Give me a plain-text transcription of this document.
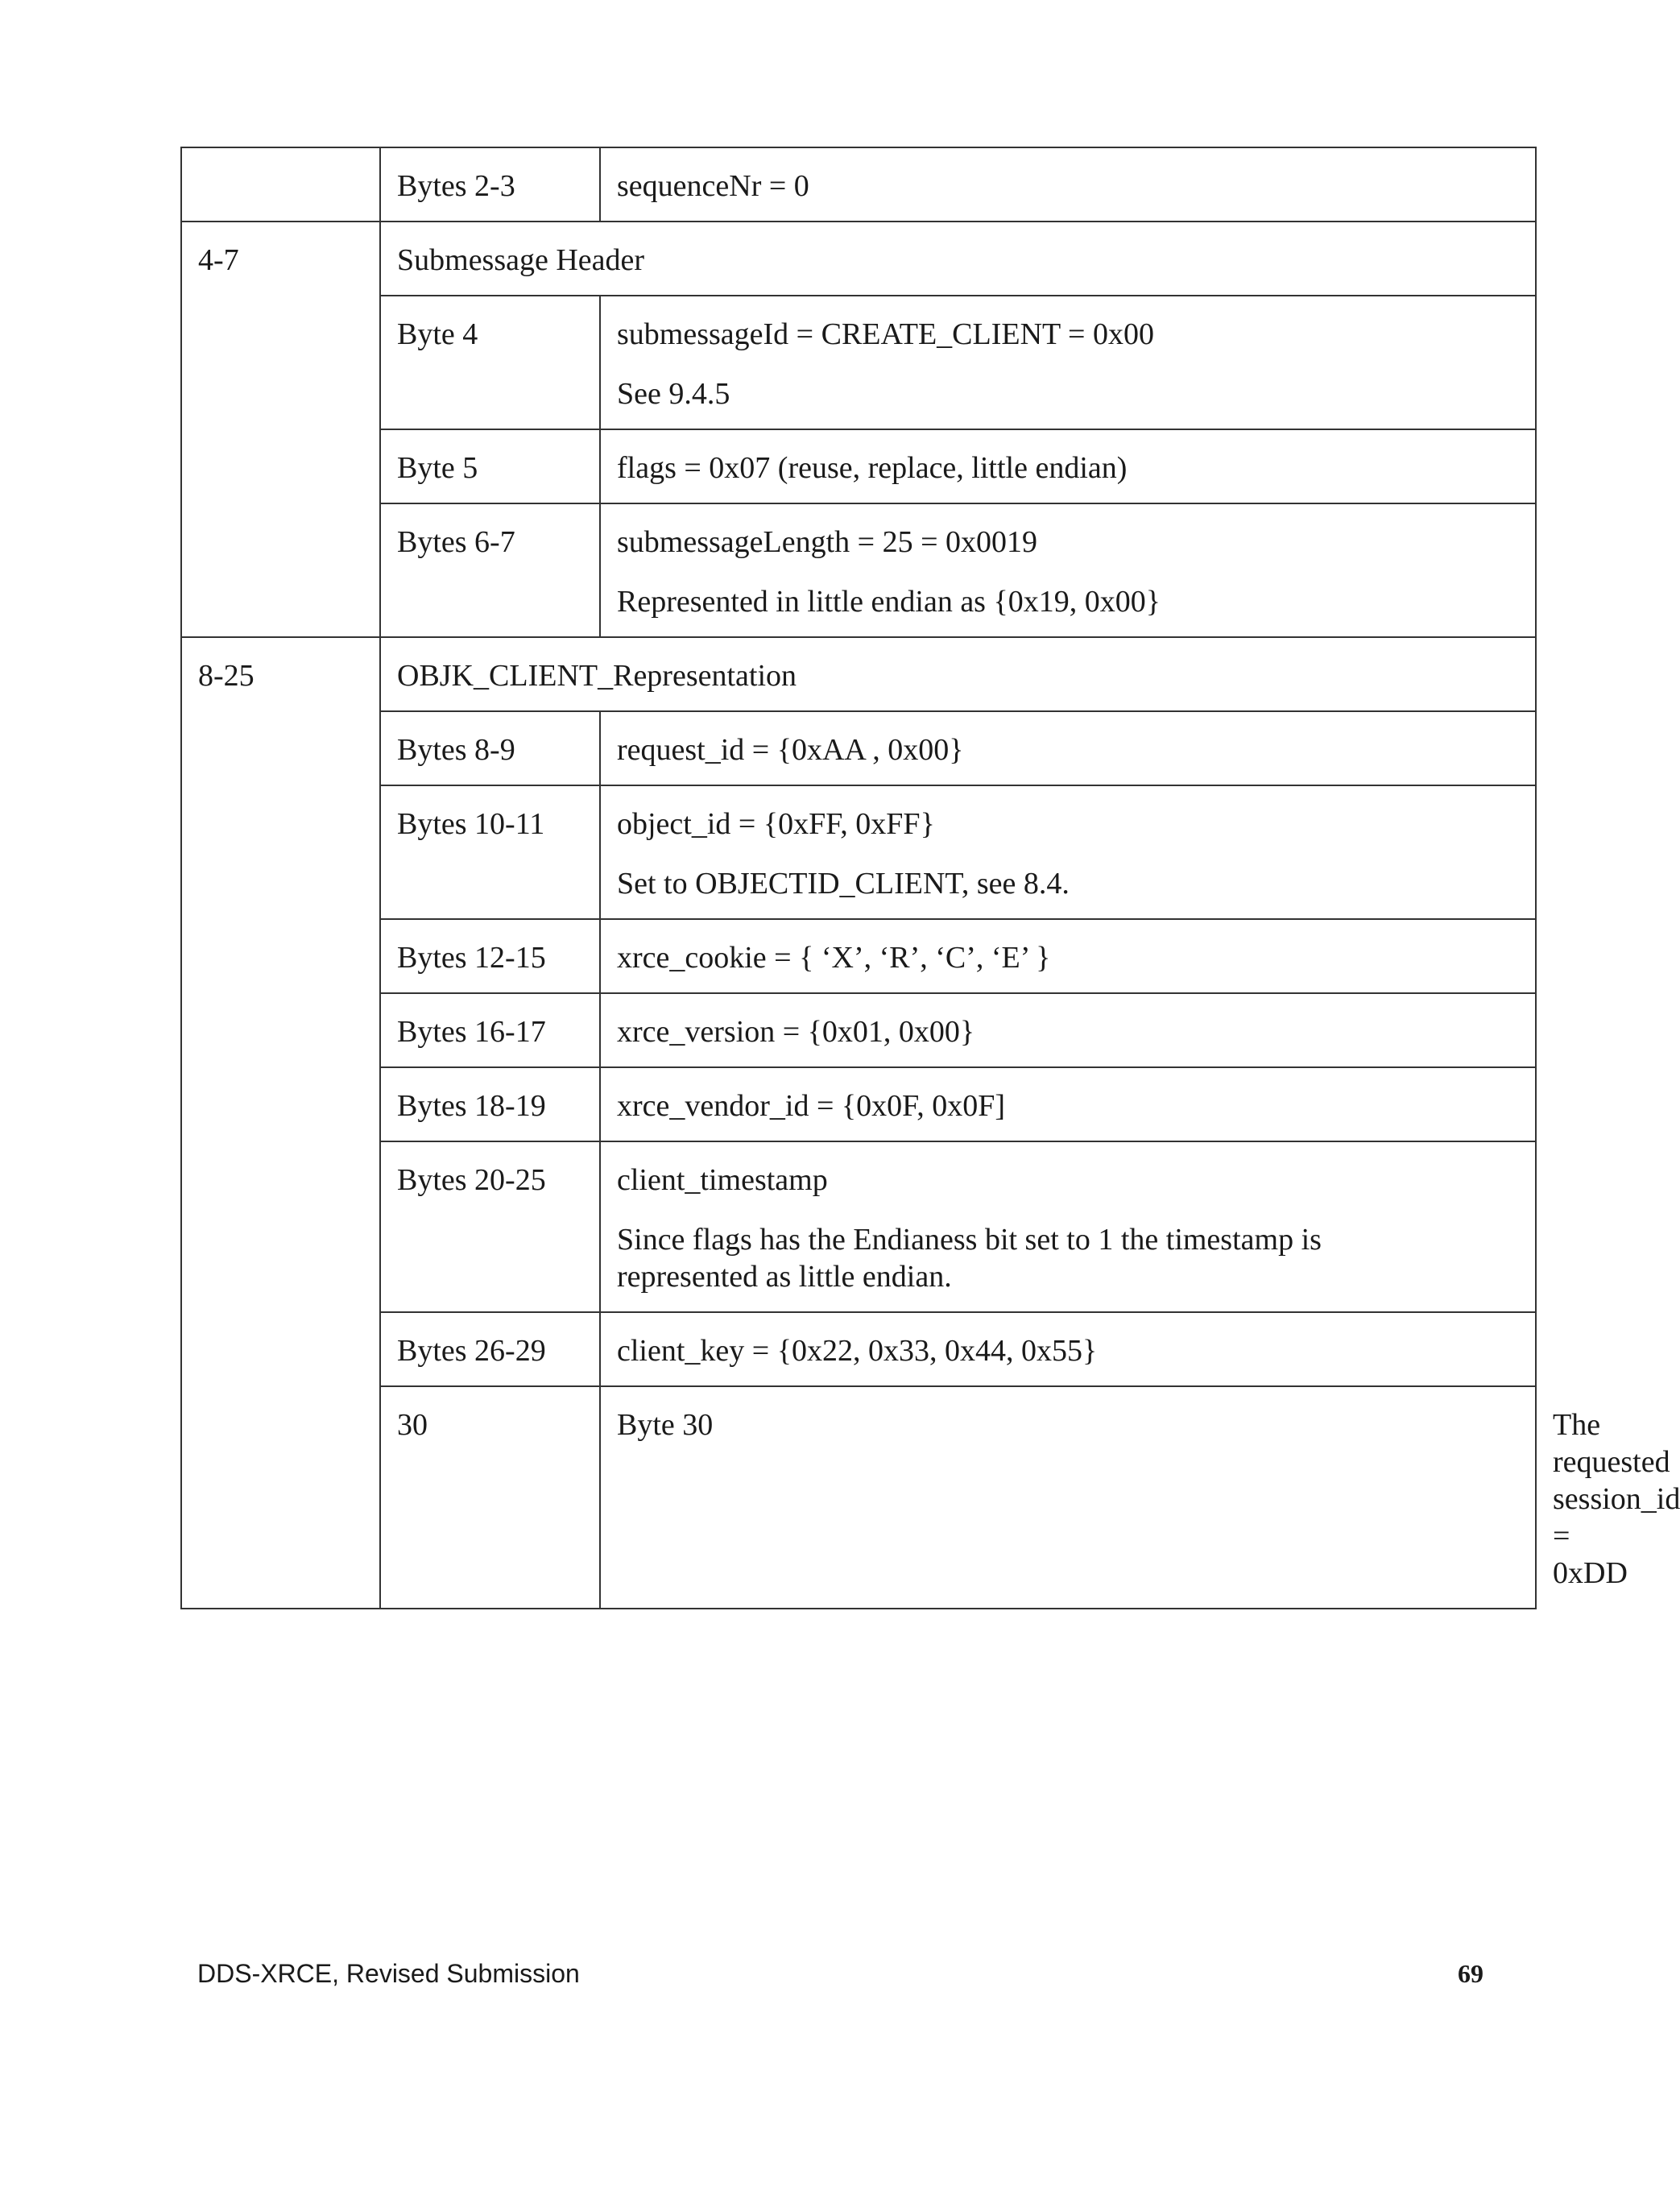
	Bytes 2-3	sequenceNr = 0	

4-7	Submessage Header		
	Byte 4	submessageId = CREATE_CLIENT = 0x00
See 9.4.5	

	Byte 5	flags = 0x07 (reuse, replace, little endian)	

	Bytes 6-7	submessageLength = 25 = 0x0019
Represented in little endian as {0x19, 0x00}	

8-25	OBJK_CLIENT_Representation		
	Bytes 8-9	request_id = {0xAA , 0x00}	

	Bytes 10-11	object_id = {0xFF, 0xFF}
Set to OBJECTID_CLIENT, see 8.4.	

	Bytes 12-15	xrce_cookie = { ‘X’, ‘R’, ‘C’, ‘E’ }	

	Bytes 16-17	xrce_version = {0x01, 0x00}	

	Bytes 18-19	xrce_vendor_id = {0x0F, 0x0F]	

	Bytes 20-25	client_timestamp
Since flags has the Endianess bit set to 1 the timestamp is
represented as little endian.	

	Bytes 26-29	client_key = {0x22, 0x33, 0x44, 0x55}	

	30	Byte 30	The requested session_id = 0xDD
DDS-XRCE, Revised Submission	69
